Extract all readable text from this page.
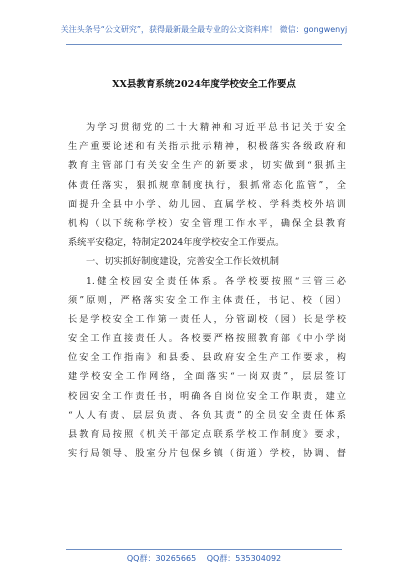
关注头条号“公文研究”，获得最新最全最专业的公文资料库！ 微信：gongwenyj
XX县教育系统2024年度学校安全工作要点
为学习贯彻党的二十大精神和习近平总书记关于安全
生产重要论述和有关指示批示精神，积极落实各级政府和
教育主管部门有关安全生产的新要求，切实做到“狠抓主
体责任落实，狠抓规章制度执行，狠抓常态化监管”，全
面提升全县中小学、幼儿园、直属学校、学科类校外培训
机构（以下统称学校）安全管理工作水平，确保全县教育
系统平安稳定，特制定2024年度学校安全工作要点。
一、切实抓好制度建设，完善安全工作长效机制
1.健全校园安全责任体系。各学校要按照“三管三必
须”原则，严格落实安全工作主体责任，书记、校（园）
长是学校安全工作第一责任人，分管副校（园）长是学校
安全工作直接责任人。各校要严格按照教育部《中小学岗
位安全工作指南》和县委、县政府安全生产工作要求，构
建学校安全工作网络，全面落实“一岗双责”，层层签订
校园安全工作责任书，明确各自岗位安全工作职责，建立
“人人有责、层层负责、各负其责”的全员安全责任体系
县教育局按照《机关干部定点联系学校工作制度》要求，
实行局领导、股室分片包保乡镇（街道）学校，协调、督
QQ群：30265665 QQ群：535304092
